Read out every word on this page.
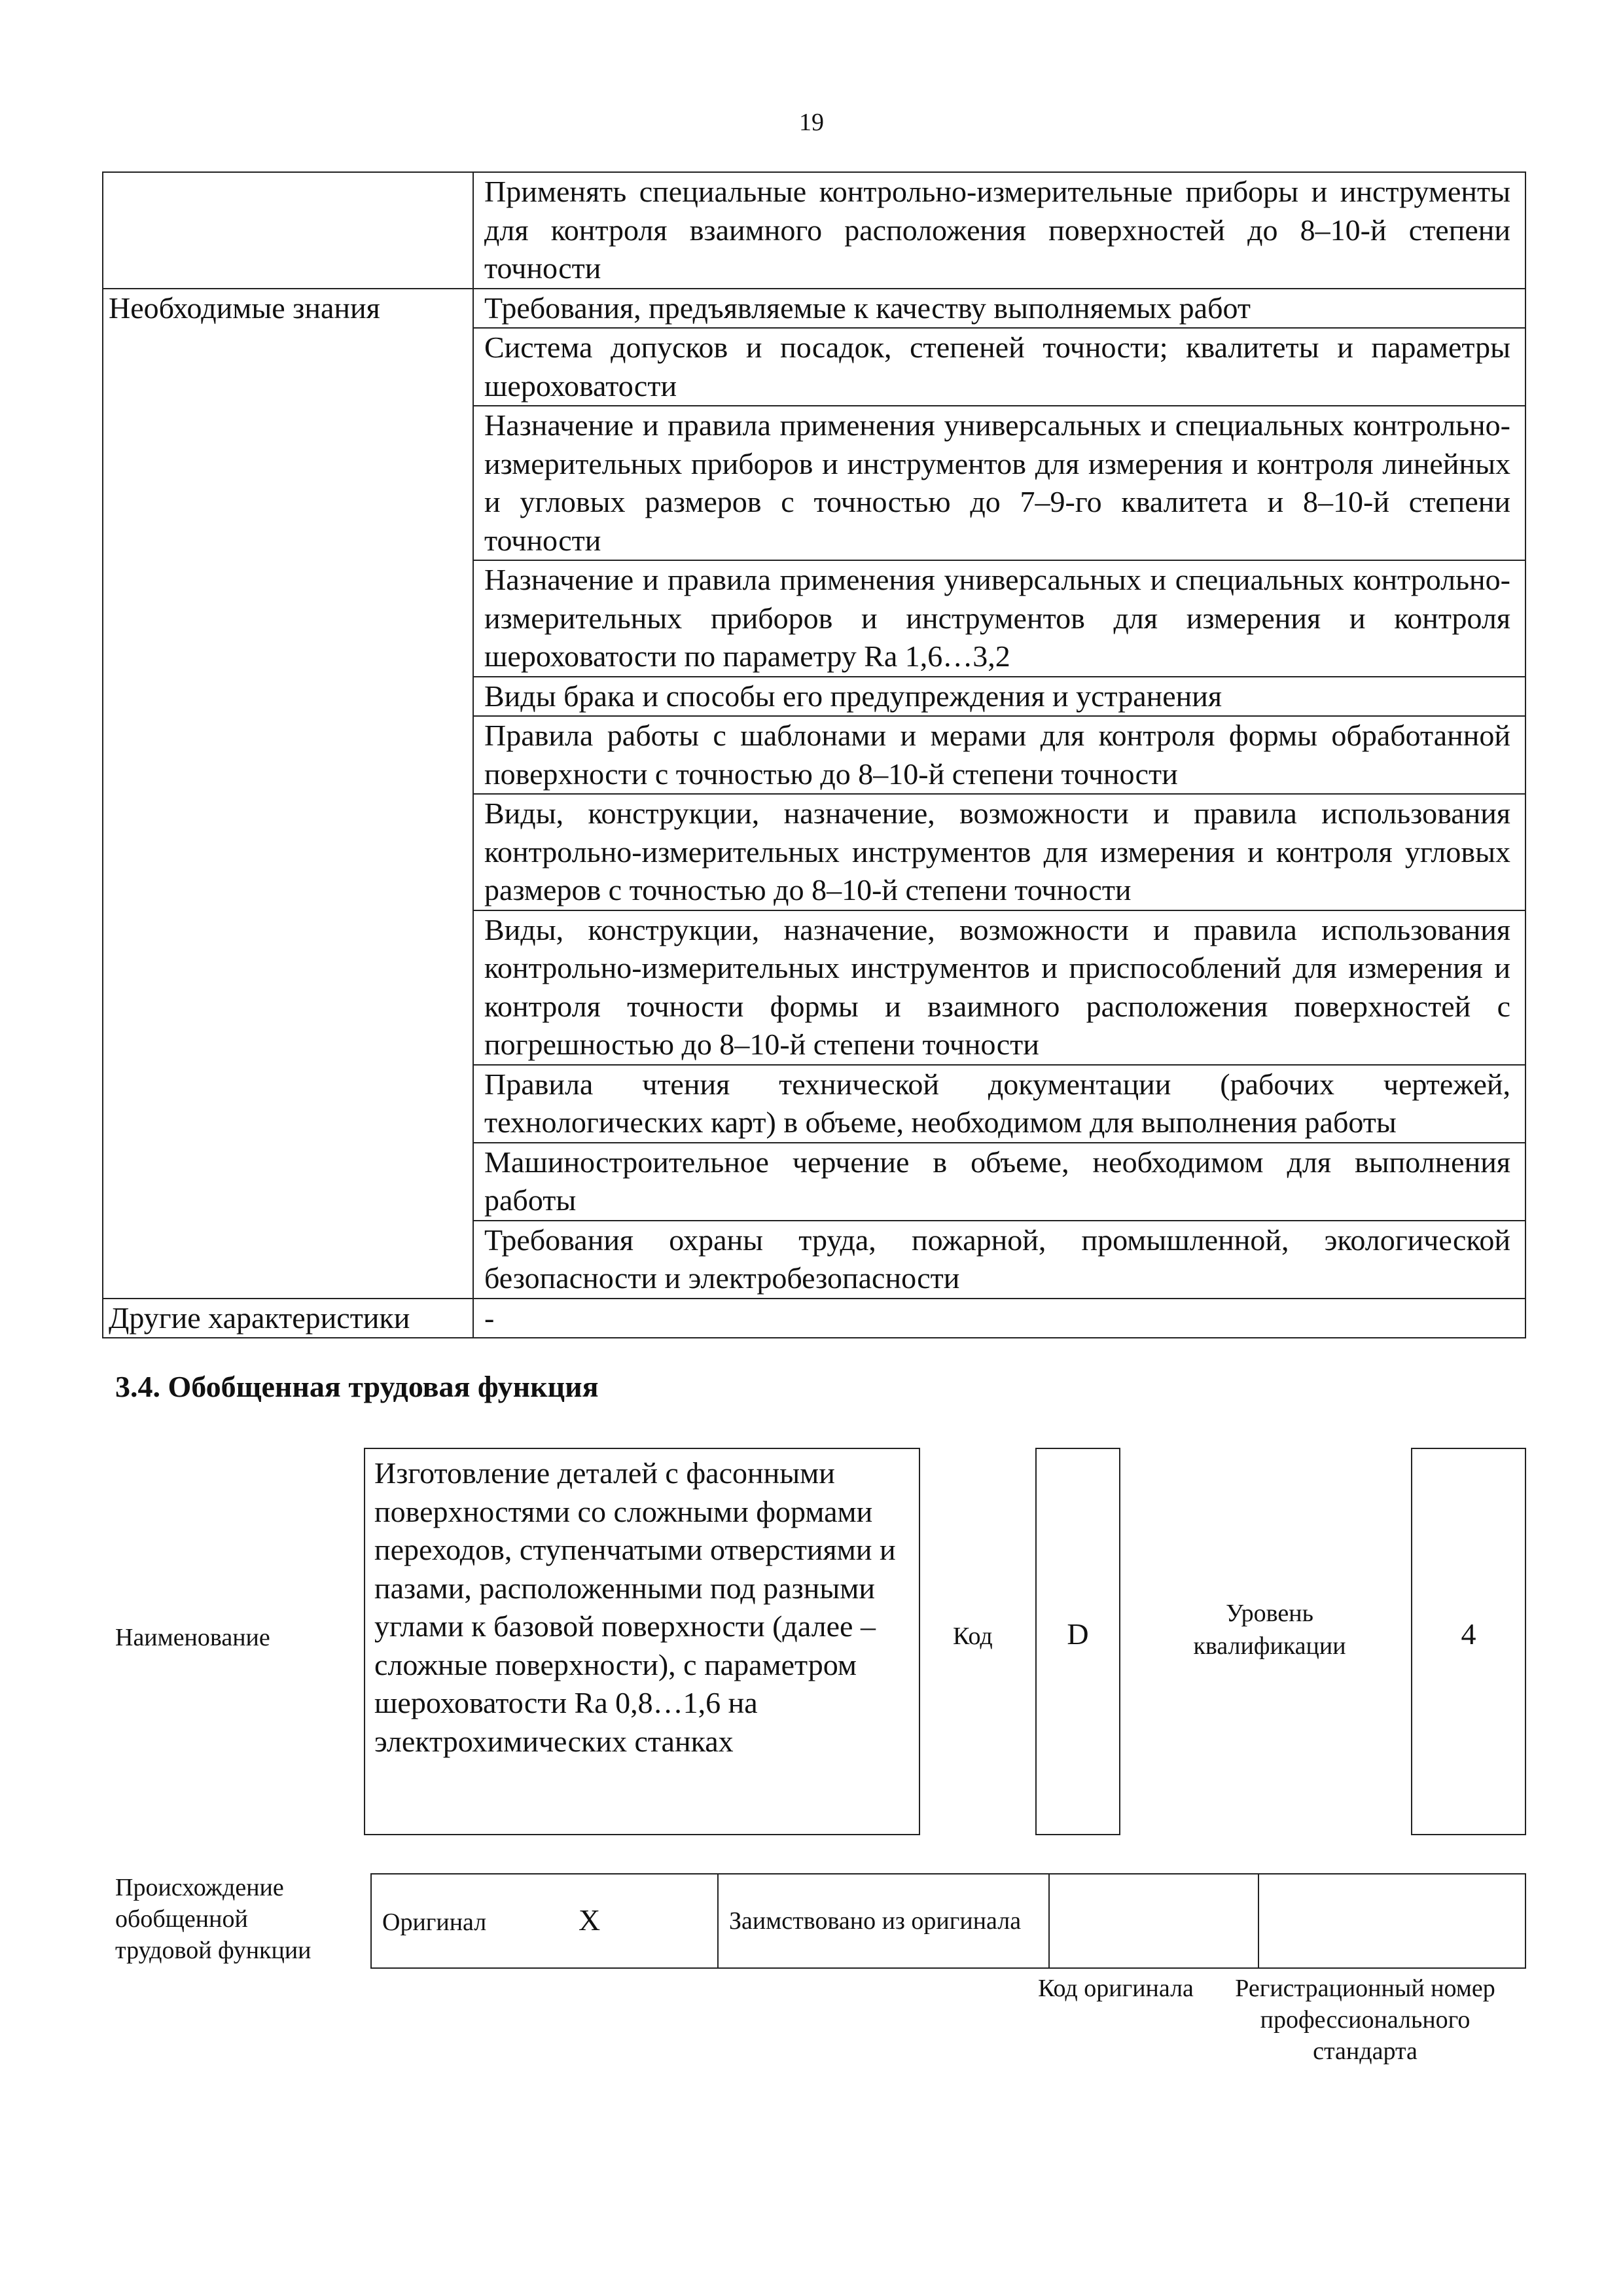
19

	Применять специальные контрольно-измерительные приборы и инструменты для контроля взаимного расположения поверхностей до 8–10-й степени точности

Необходимые знания	Требования, предъявляемые к качеству выполняемых работ

	Система допусков и посадок, степеней точности; квалитеты и параметры шероховатости

	Назначение и правила применения универсальных и специальных контрольно-измерительных приборов и инструментов для измерения и контроля линейных и угловых размеров с точностью до 7–9-го квалитета и 8–10-й степени точности

	Назначение и правила применения универсальных и специальных контрольно-измерительных приборов и инструментов для измерения и контроля шероховатости по параметру Ra 1,6…3,2

	Виды брака и способы его предупреждения и устранения

	Правила работы с шаблонами и мерами для контроля формы обработанной поверхности с точностью до 8–10-й степени точности

	Виды, конструкции, назначение, возможности и правила использования контрольно-измерительных инструментов для измерения и контроля угловых размеров с точностью до 8–10-й степени точности

	Виды, конструкции, назначение, возможности и правила использования контрольно-измерительных инструментов и приспособлений для измерения и контроля точности формы и взаимного расположения поверхностей с погрешностью до 8–10-й степени точности

	Правила чтения технической документации (рабочих чертежей, технологических карт) в объеме, необходимом для выполнения работы

	Машиностроительное черчение в объеме, необходимом для выполнения работы

	Требования охраны труда, пожарной, промышленной, экологической безопасности и электробезопасности

Другие характеристики	-
3.4. Обобщенная трудовая функция
Наименование
Изготовление деталей с фасонными поверхностями со сложными формами переходов, ступенчатыми отверстиями и пазами, расположенными под разными углами к базовой поверхности (далее – сложные поверхности), с параметром шероховатости Ra 0,8…1,6 на электрохимических станках
Код	D
Уровень квалификации	4
Происхождение обобщенной трудовой функции
Оригинал	X	Заимствовано из оригинала		
Код оригинала	Регистрационный номер профессионального стандарта
